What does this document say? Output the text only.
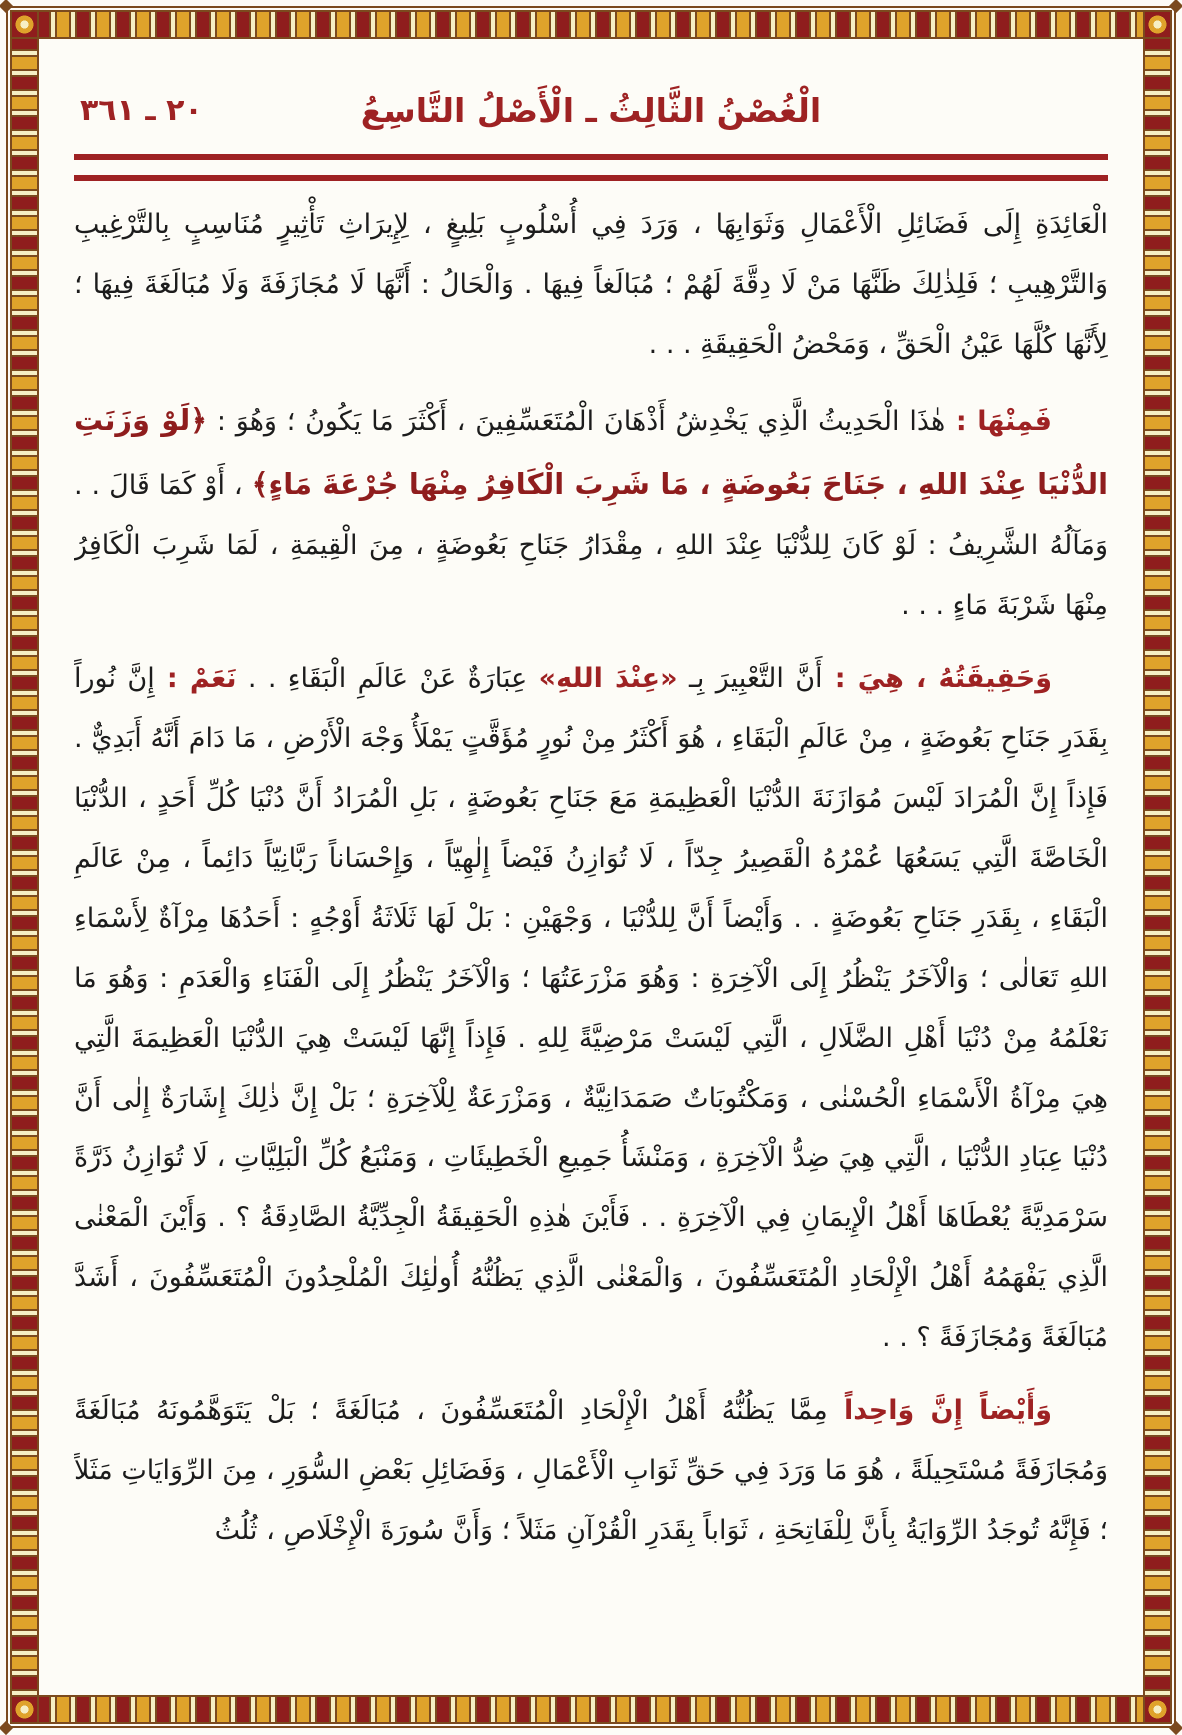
٢٠ ـ ٣٦١	الْغُصْنُ الثَّالِثُ ـ الْأَصْلُ التَّاسِعُ

الْعَائِدَةِ إِلَى فَضَائِلِ الْأَعْمَالِ وَثَوَابِهَا ، وَرَدَ فِي أُسْلُوبٍ بَلِيغٍ ، لِإِيرَاثِ تَأْثِيرٍ مُنَاسِبٍ بِالتَّرْغِيبِ وَالتَّرْهِيبِ ؛ فَلِذٰلِكَ ظَنَّهَا مَنْ لَا دِقَّةَ لَهُمْ ؛ مُبَالَغاً فِيهَا . وَالْحَالُ : أَنَّهَا لَا مُجَازَفَةَ وَلَا مُبَالَغَةَ فِيهَا ؛ لِأَنَّهَا كُلَّهَا عَيْنُ الْحَقِّ ، وَمَحْضُ الْحَقِيقَةِ . . .

فَمِنْهَا : هٰذَا الْحَدِيثُ الَّذِي يَخْدِشُ أَذْهَانَ الْمُتَعَسِّفِينَ ، أَكْثَرَ مَا يَكُونُ ؛ وَهُوَ : ﴿لَوْ وَزَنَتِ الدُّنْيَا عِنْدَ اللهِ ، جَنَاحَ بَعُوضَةٍ ، مَا شَرِبَ الْكَافِرُ مِنْهَا جُرْعَةَ مَاءٍ﴾ ، أَوْ كَمَا قَالَ . . وَمَآلُهُ الشَّرِيفُ : لَوْ كَانَ لِلدُّنْيَا عِنْدَ اللهِ ، مِقْدَارُ جَنَاحِ بَعُوضَةٍ ، مِنَ الْقِيمَةِ ، لَمَا شَرِبَ الْكَافِرُ مِنْهَا شَرْبَةَ مَاءٍ . . .

وَحَقِيقَتُهُ ، هِيَ : أَنَّ التَّعْبِيرَ بِـ «عِنْدَ اللهِ» عِبَارَةٌ عَنْ عَالَمِ الْبَقَاءِ . . نَعَمْ : إِنَّ نُوراً بِقَدَرِ جَنَاحِ بَعُوضَةٍ ، مِنْ عَالَمِ الْبَقَاءِ ، هُوَ أَكْثَرُ مِنْ نُورٍ مُؤَقَّتٍ يَمْلَأُ وَجْهَ الْأَرْضِ ، مَا دَامَ أَنَّهُ أَبَدِيٌّ . فَإِذاً إِنَّ الْمُرَادَ لَيْسَ مُوَازَنَةَ الدُّنْيَا الْعَظِيمَةِ مَعَ جَنَاحِ بَعُوضَةٍ ، بَلِ الْمُرَادُ أَنَّ دُنْيَا كُلِّ أَحَدٍ ، الدُّنْيَا الْخَاصَّةَ الَّتِي يَسَعُهَا عُمْرُهُ الْقَصِيرُ جِدّاً ، لَا تُوَازِنُ فَيْضاً إِلٰهِيّاً ، وَإِحْسَاناً رَبَّانِيّاً دَائِماً ، مِنْ عَالَمِ الْبَقَاءِ ، بِقَدَرِ جَنَاحِ بَعُوضَةٍ . . وَأَيْضاً أَنَّ لِلدُّنْيَا ، وَجْهَيْنِ : بَلْ لَهَا ثَلَاثَةُ أَوْجُهٍ : أَحَدُهَا مِرْآةٌ لِأَسْمَاءِ اللهِ تَعَالٰى ؛ وَالْآخَرُ يَنْظُرُ إِلَى الْآخِرَةِ : وَهُوَ مَزْرَعَتُهَا ؛ وَالْآخَرُ يَنْظُرُ إِلَى الْفَنَاءِ وَالْعَدَمِ : وَهُوَ مَا نَعْلَمُهُ مِنْ دُنْيَا أَهْلِ الضَّلَالِ ، الَّتِي لَيْسَتْ مَرْضِيَّةً لِلهِ . فَإِذاً إِنَّهَا لَيْسَتْ هِيَ الدُّنْيَا الْعَظِيمَةَ الَّتِي هِيَ مِرْآةُ الْأَسْمَاءِ الْحُسْنٰى ، وَمَكْتُوبَاتٌ صَمَدَانِيَّةٌ ، وَمَزْرَعَةٌ لِلْآخِرَةِ ؛ بَلْ إِنَّ ذٰلِكَ إِشَارَةٌ إِلٰى أَنَّ دُنْيَا عِبَادِ الدُّنْيَا ، الَّتِي هِيَ ضِدُّ الْآخِرَةِ ، وَمَنْشَأُ جَمِيعِ الْخَطِيئَاتِ ، وَمَنْبَعُ كُلِّ الْبَلِيَّاتِ ، لَا تُوَازِنُ ذَرَّةً سَرْمَدِيَّةً يُعْطَاهَا أَهْلُ الْإِيمَانِ فِي الْآخِرَةِ . . فَأَيْنَ هٰذِهِ الْحَقِيقَةُ الْجِدِّيَّةُ الصَّادِقَةُ ؟ . وَأَيْنَ الْمَعْنٰى الَّذِي يَفْهَمُهُ أَهْلُ الْإِلْحَادِ الْمُتَعَسِّفُونَ ، وَالْمَعْنٰى الَّذِي يَظُنُّهُ أُولٰئِكَ الْمُلْحِدُونَ الْمُتَعَسِّفُونَ ، أَشَدَّ مُبَالَغَةً وَمُجَازَفَةً ؟ . .

وَأَيْضاً إِنَّ وَاحِداً مِمَّا يَظُنُّهُ أَهْلُ الْإِلْحَادِ الْمُتَعَسِّفُونَ ، مُبَالَغَةً ؛ بَلْ يَتَوَهَّمُونَهُ مُبَالَغَةً وَمُجَازَفَةً مُسْتَحِيلَةً ، هُوَ مَا وَرَدَ فِي حَقِّ ثَوَابِ الْأَعْمَالِ ، وَفَضَائِلِ بَعْضِ السُّوَرِ ، مِنَ الرِّوَايَاتِ مَثَلاً ؛ فَإِنَّهُ تُوجَدُ الرِّوَايَةُ بِأَنَّ لِلْفَاتِحَةِ ، ثَوَاباً بِقَدَرِ الْقُرْآنِ مَثَلاً ؛ وَأَنَّ سُورَةَ الْإِخْلَاصِ ، ثُلُثُ
